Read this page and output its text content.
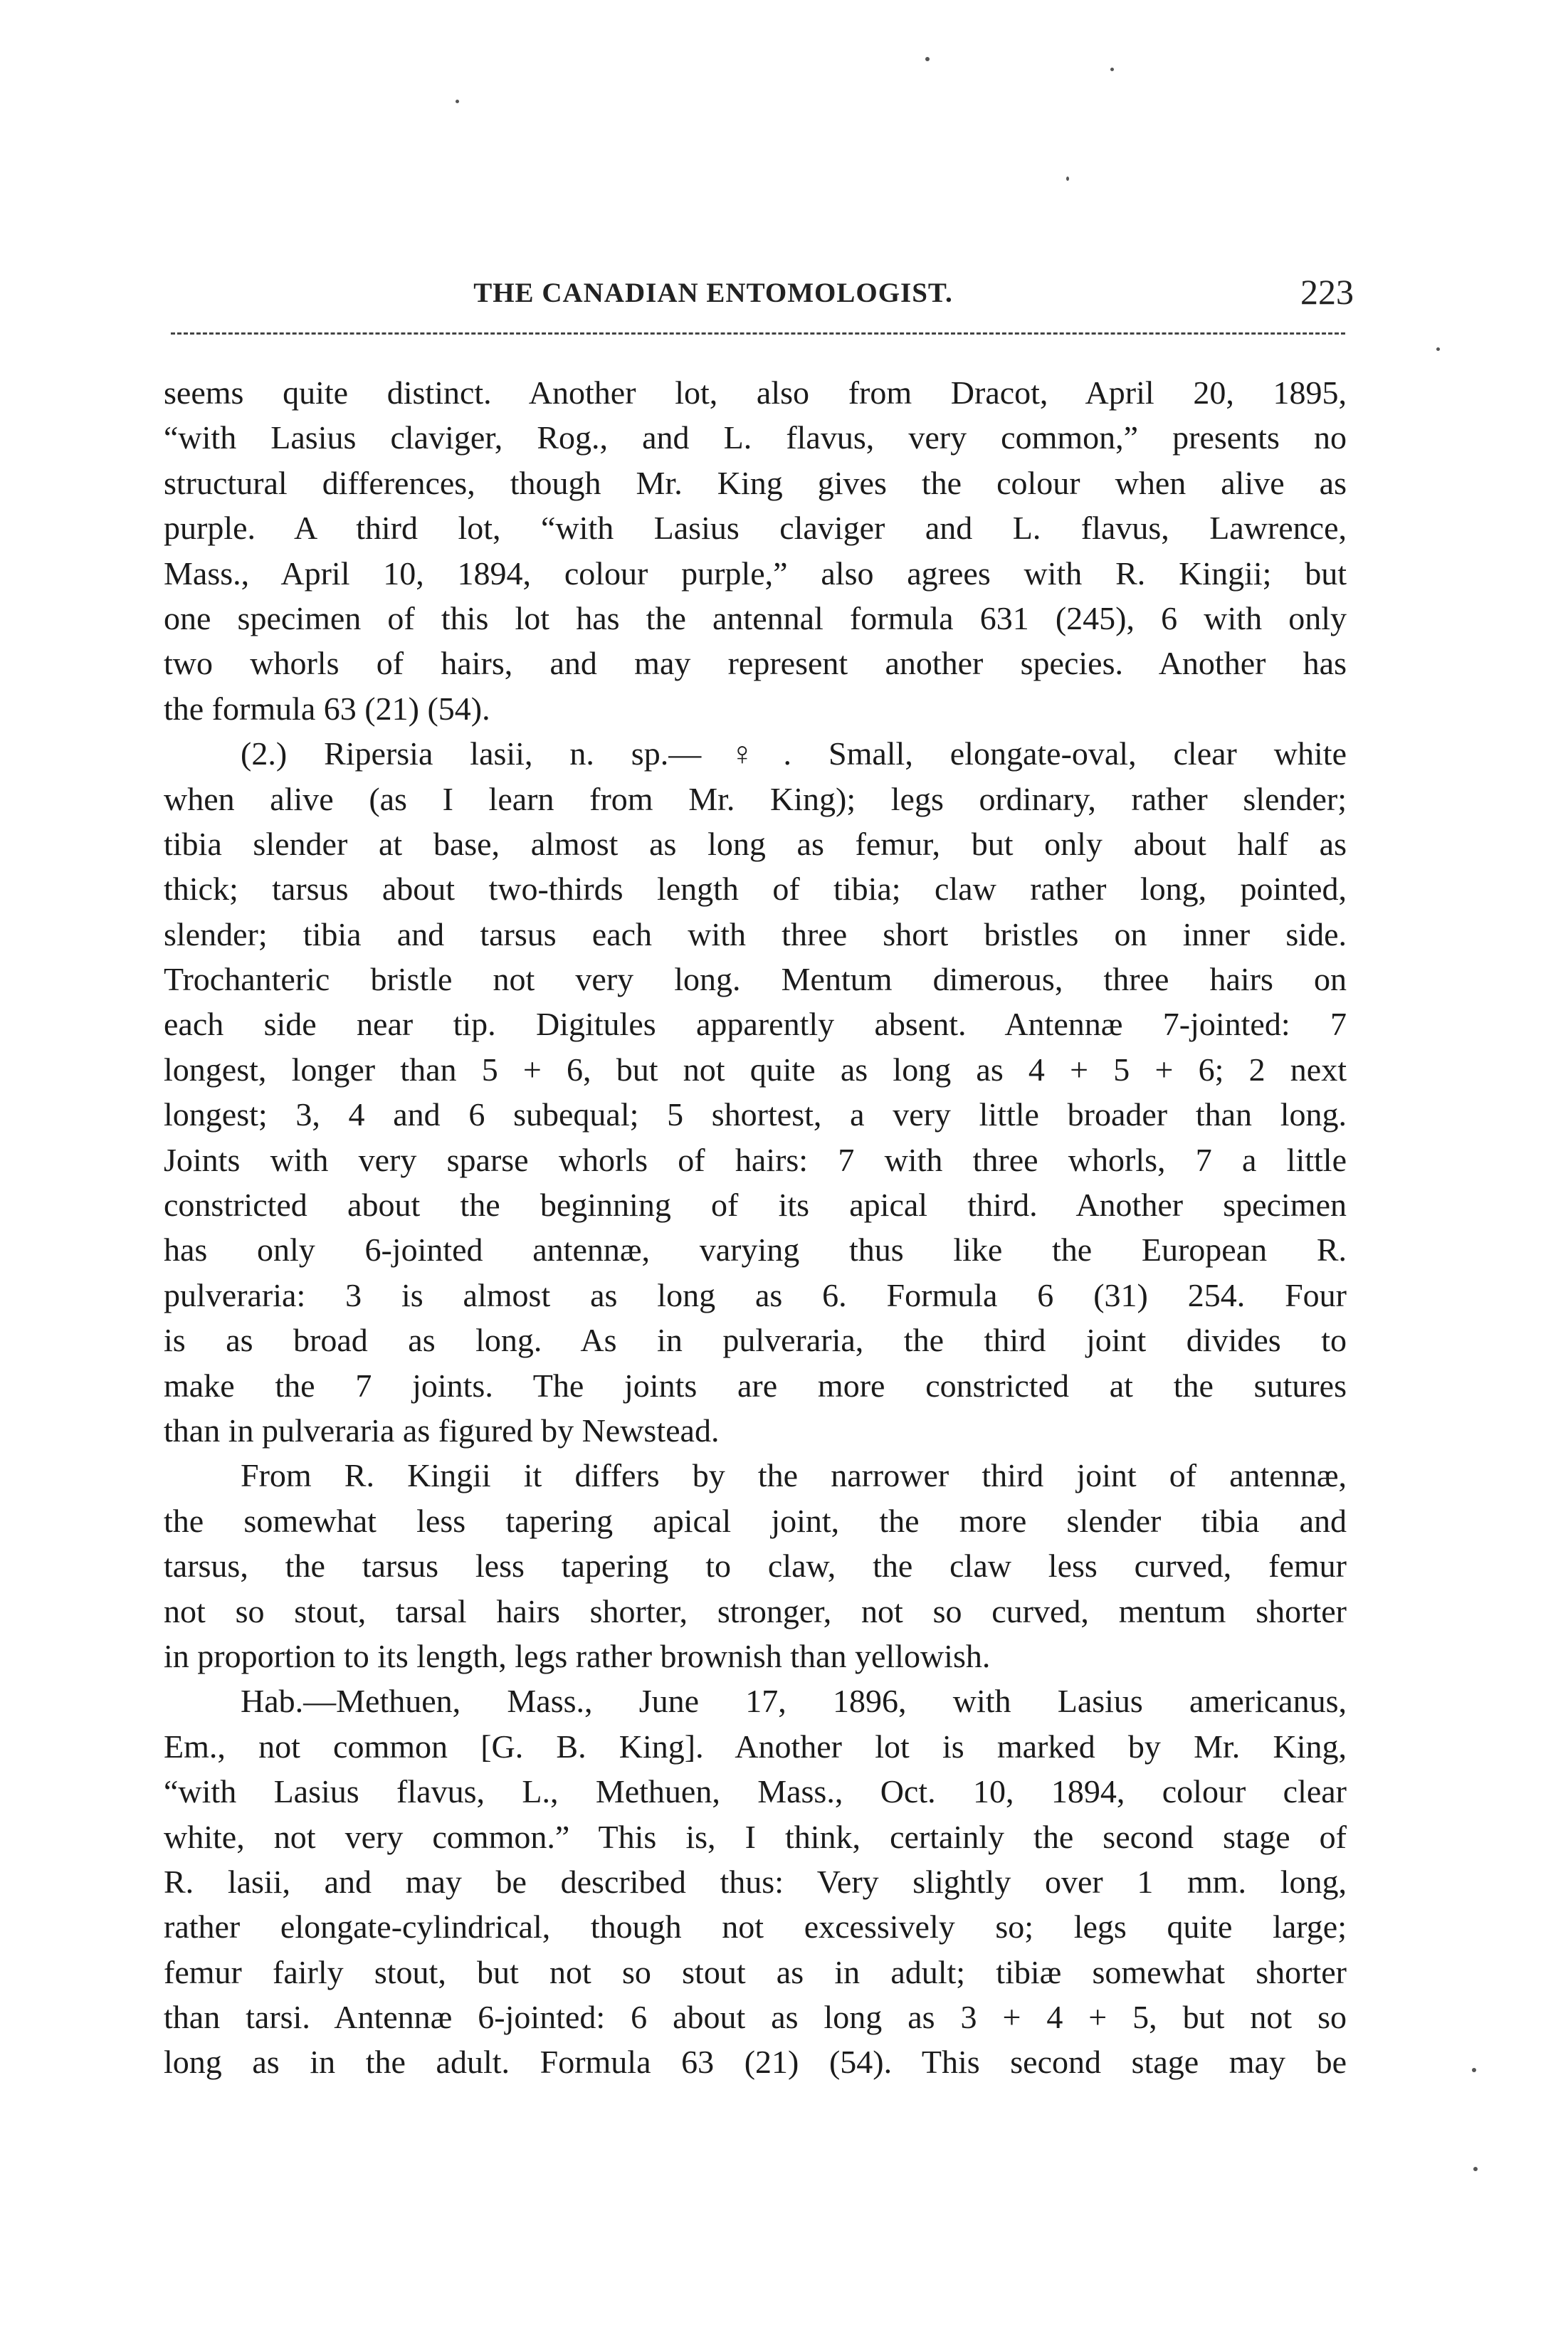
THE CANADIAN ENTOMOLOGIST.	223
seems quite distinct. Another lot, also from Dracot, April 20, 1895,
“with Lasius claviger, Rog., and L. flavus, very common,” presents no
structural differences, though Mr. King gives the colour when alive as
purple. A third lot, “with Lasius claviger and L. flavus, Lawrence,
Mass., April 10, 1894, colour purple,” also agrees with R. Kingii; but
one specimen of this lot has the antennal formula 631 (245), 6 with only
two whorls of hairs, and may represent another species. Another has
the formula 63 (21) (54).
(2.) Ripersia lasii, n. sp.—♀. Small, elongate-oval, clear white
when alive (as I learn from Mr. King); legs ordinary, rather slender;
tibia slender at base, almost as long as femur, but only about half as
thick; tarsus about two-thirds length of tibia; claw rather long, pointed,
slender; tibia and tarsus each with three short bristles on inner side.
Trochanteric bristle not very long. Mentum dimerous, three hairs on
each side near tip. Digitules apparently absent. Antennæ 7-jointed: 7
longest, longer than 5 + 6, but not quite as long as 4 + 5 + 6; 2 next
longest; 3, 4 and 6 subequal; 5 shortest, a very little broader than long.
Joints with very sparse whorls of hairs: 7 with three whorls, 7 a little
constricted about the beginning of its apical third. Another specimen
has only 6-jointed antennæ, varying thus like the European R.
pulveraria: 3 is almost as long as 6. Formula 6 (31) 254. Four
is as broad as long. As in pulveraria, the third joint divides to
make the 7 joints. The joints are more constricted at the sutures
than in pulveraria as figured by Newstead.
From R. Kingii it differs by the narrower third joint of antennæ,
the somewhat less tapering apical joint, the more slender tibia and
tarsus, the tarsus less tapering to claw, the claw less curved, femur
not so stout, tarsal hairs shorter, stronger, not so curved, mentum shorter
in proportion to its length, legs rather brownish than yellowish.
Hab.—Methuen, Mass., June 17, 1896, with Lasius americanus,
Em., not common [G. B. King]. Another lot is marked by Mr. King,
“with Lasius flavus, L., Methuen, Mass., Oct. 10, 1894, colour clear
white, not very common.” This is, I think, certainly the second stage of
R. lasii, and may be described thus: Very slightly over 1 mm. long,
rather elongate-cylindrical, though not excessively so; legs quite large;
femur fairly stout, but not so stout as in adult; tibiæ somewhat shorter
than tarsi. Antennæ 6-jointed: 6 about as long as 3 + 4 + 5, but not so
long as in the adult. Formula 63 (21) (54). This second stage may be
